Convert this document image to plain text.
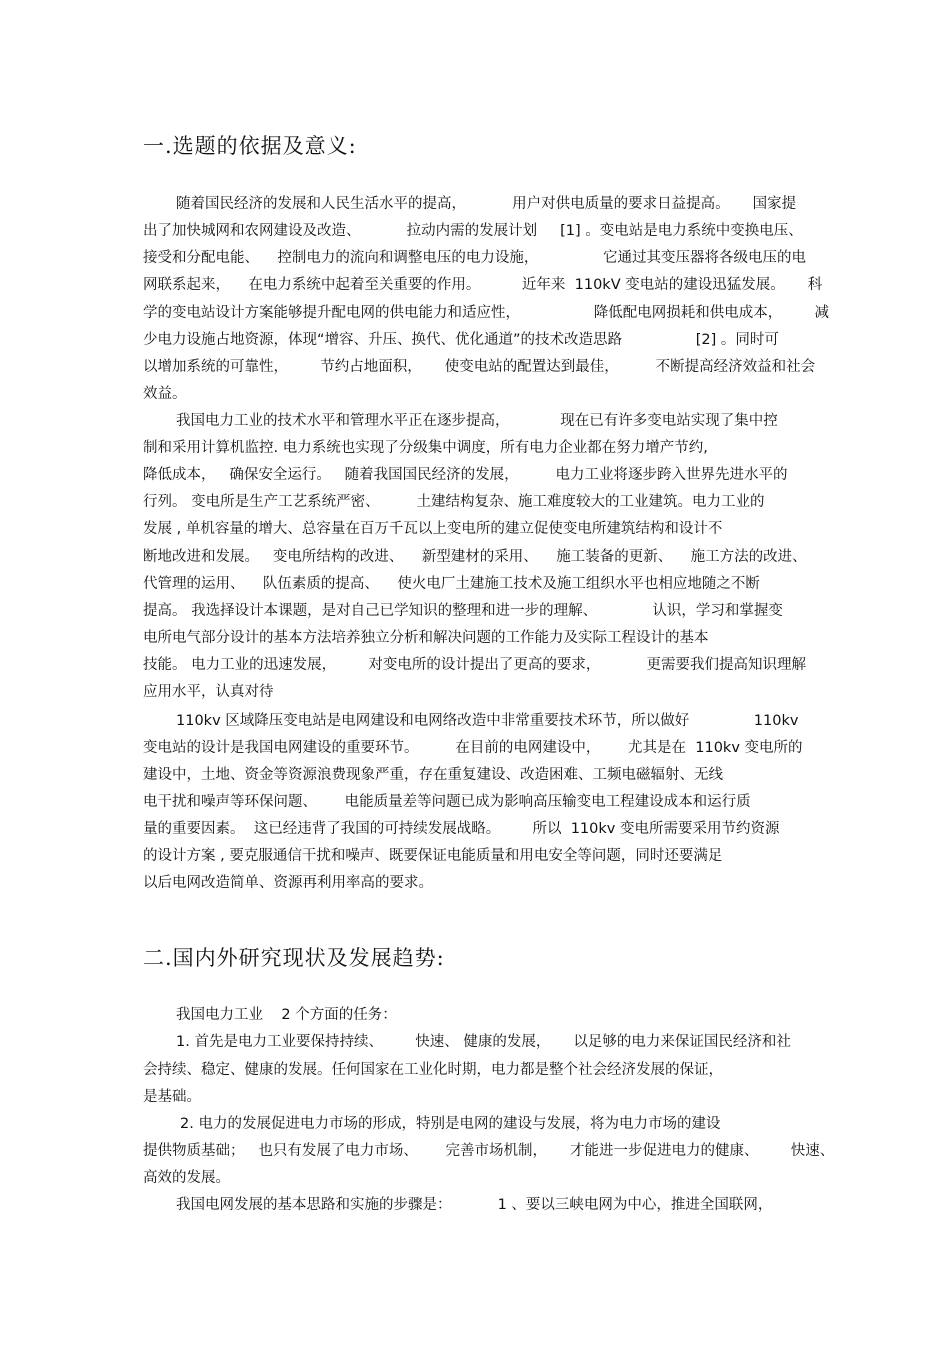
一.选题的依据及意义:

随着国民经济的发展和人民生活水平的提高，          用户对供电质量的要求日益提高。     国家提

出了加快城网和农网建设及改造、          拉动内需的发展计划     [1] 。变电站是电力系统中变换电压、

接受和分配电能、    控制电力的流向和调整电压的电力设施，              它通过其变压器将各级电压的电

网联系起来，    在电力系统中起着至关重要的作用。         近年来  110kV 变电站的建设迅猛发展。     科

学的变电站设计方案能够提升配电网的供电能力和适应性，                降低配电网损耗和供电成本，       减

少电力设施占地资源，体现“增容、升压、换代、优化通道”的技术改造思路                [2] 。同时可

以增加系统的可靠性，       节约占地面积，     使变电站的配置达到最佳，        不断提高经济效益和社会

效益。

我国电力工业的技术水平和管理水平正在逐步提高，           现在已有许多变电站实现了集中控

制和采用计算机监控. 电力系统也实现了分级集中调度，所有电力企业都在努力增产节约,

降低成本，   确保安全运行。   随着我国国民经济的发展，        电力工业将逐步跨入世界先进水平的

行列。 变电所是生产工艺系统严密、        土建结构复杂、施工难度较大的工业建筑。电力工业的

发展 , 单机容量的增大、总容量在百万千瓦以上变电所的建立促使变电所建筑结构和设计不

断地改进和发展。   变电所结构的改进、    新型建材的采用、    施工装备的更新、    施工方法的改进、

代管理的运用、    队伍素质的提高、    使火电厂土建施工技术及施工组织水平也相应地随之不断

提高。 我选择设计本课题，是对自己已学知识的整理和进一步的理解、            认识，学习和掌握变

电所电气部分设计的基本方法培养独立分析和解决问题的工作能力及实际工程设计的基本

技能。 电力工业的迅速发展，       对变电所的设计提出了更高的要求，          更需要我们提高知识理解

应用水平，认真对待

110kv 区域降压变电站是电网建设和电网络改造中非常重要技术环节，所以做好              110kv

变电站的设计是我国电网建设的重要环节。        在目前的电网建设中，      尤其是在  110kv 变电所的

建设中，土地、资金等资源浪费现象严重，存在重复建设、改造困难、工频电磁辐射、无线

电干扰和噪声等环保问题、      电能质量差等问题已成为影响高压输变电工程建设成本和运行质

量的重要因素。  这已经违背了我国的可持续发展战略。       所以  110kv 变电所需要采用节约资源

的设计方案 , 要克服通信干扰和噪声、既要保证电能质量和用电安全等问题，同时还要满足

以后电网改造简单、资源再利用率高的要求。

二.国内外研究现状及发展趋势:

我国电力工业    2 个方面的任务：

1. 首先是电力工业要保持持续、       快速、 健康的发展，     以足够的电力来保证国民经济和社

会持续、稳定、健康的发展。任何国家在工业化时期，电力都是整个社会经济发展的保证，

是基础。

2. 电力的发展促进电力市场的形成，特别是电网的建设与发展，将为电力市场的建设

提供物质基础；   也只有发展了电力市场、      完善市场机制，     才能进一步促进电力的健康、       快速、

高效的发展。

我国电网发展的基本思路和实施的步骤是：          1 、要以三峡电网为中心，推进全国联网，
